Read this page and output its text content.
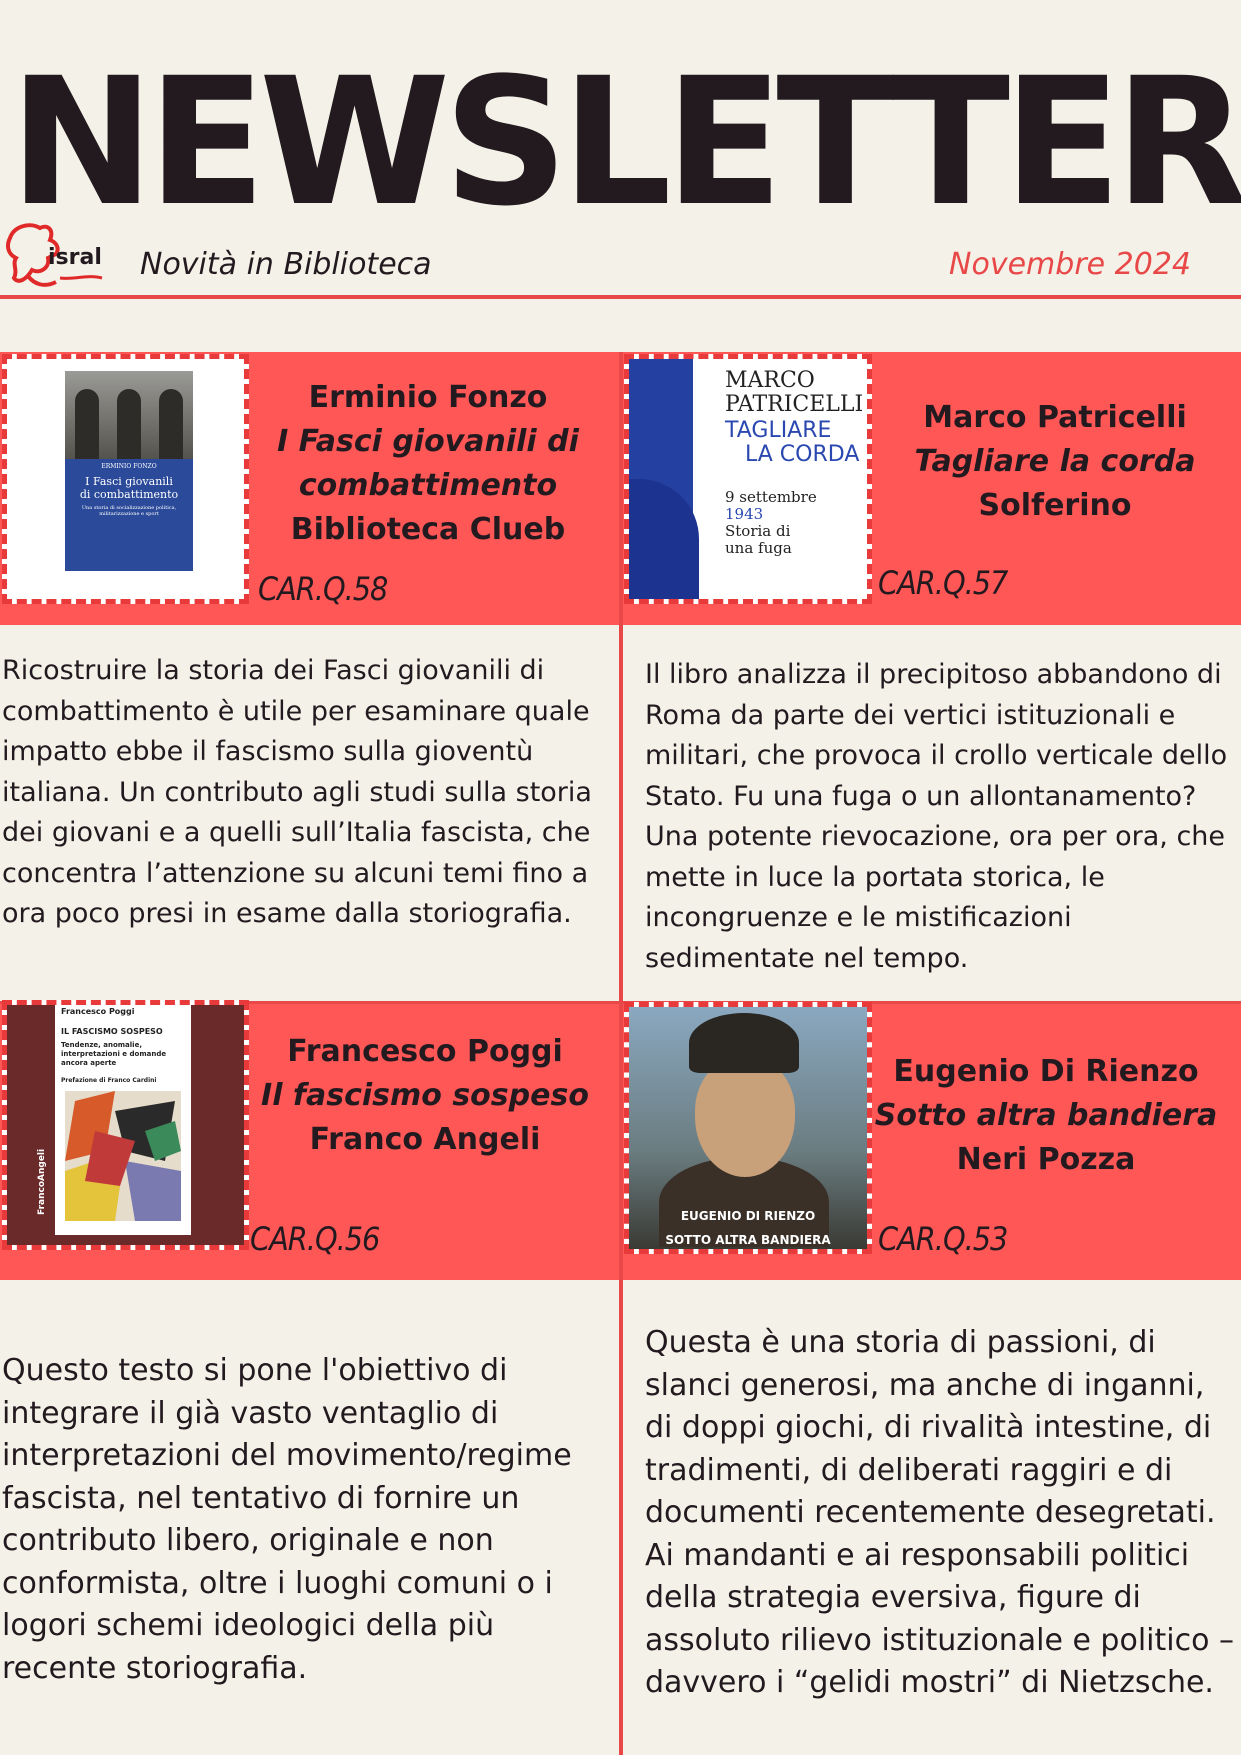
NEWSLETTER
isral Novità in Biblioteca	Novembre 2024
ERMINIO FONZO
I Fasci giovanili
di combattimento
Una storia di socializzazione politica, militarizzazione e sport
CAR.Q.58
Erminio Fonzo
I Fasci giovanili di
combattimento
Biblioteca Clueb
Ricostruire la storia dei Fasci giovanili di combattimento è utile per esaminare quale impatto ebbe il fascismo sulla gioventù italiana. Un contributo agli studi sulla storia dei giovani e a quelli sull’Italia fascista, che concentra l’attenzione su alcuni temi fino a ora poco presi in esame dalla storiografia.
MARCO
PATRICELLI
TAGLIARE
LA CORDA
9 settembre
1943
Storia di
una fuga
CAR.Q.57
Marco Patricelli
Tagliare la corda
Solferino
Il libro analizza il precipitoso abbandono di Roma da parte dei vertici istituzionali e militari, che provoca il crollo verticale dello Stato. Fu una fuga o un allontanamento? Una potente rievocazione, ora per ora, che mette in luce la portata storica, le incongruenze e le mistificazioni sedimentate nel tempo.
Francesco Poggi
IL FASCISMO SOSPESO
Tendenze, anomalie, interpretazioni e domande ancora aperte
Prefazione di Franco Cardini
FrancoAngeli
CAR.Q.56
Francesco Poggi
Il fascismo sospeso
Franco Angeli
Questo testo si pone l'obiettivo di integrare il già vasto ventaglio di interpretazioni del movimento/regime fascista, nel tentativo di fornire un contributo libero, originale e non conformista, oltre i luoghi comuni o i logori schemi ideologici della più recente storiografia.
EUGENIO DI RIENZO
SOTTO ALTRA BANDIERA	CAR.Q.53
Eugenio Di Rienzo
Sotto altra bandiera
Neri Pozza
Questa è una storia di passioni, di slanci generosi, ma anche di inganni, di doppi giochi, di rivalità intestine, di tradimenti, di deliberati raggiri e di documenti recentemente desegretati. Ai mandanti e ai responsabili politici della strategia eversiva, figure di assoluto rilievo istituzionale e politico – davvero i “gelidi mostri” di Nietzsche.
